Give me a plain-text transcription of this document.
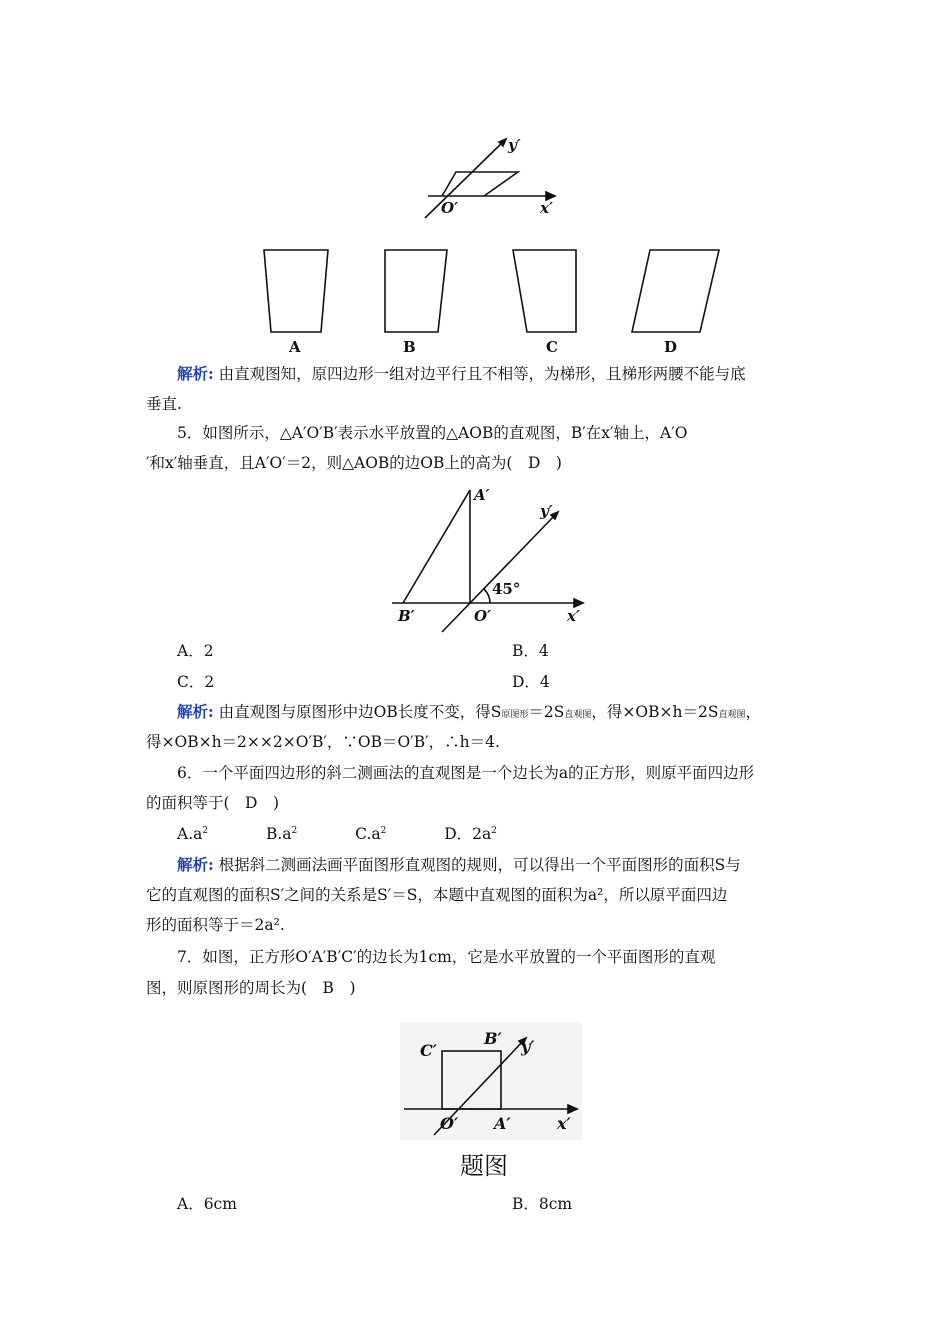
y′
O′	x′
A	B	C	D
A′
y′
45°
B′	O′	x′
C′
B′ y′
O′ A′	x′
题图
解析: 由直观图知，原四边形一组对边平行且不相等，为梯形，且梯形两腰不能与底
垂直.
5．如图所示，△A′O′B′表示水平放置的△AOB的直观图，B′在x′轴上，A′O
′和x′轴垂直，且A′O′＝2，则△AOB的边OB上的高为(　D　)
A．2	B．4
C．2	D．4
解析: 由直观图与原图形中边OB长度不变，得S原图形＝2S直观图，得×OB×h＝2S直观图，
得×OB×h＝2××2×O′B′，∵OB＝O′B′，∴h＝4.
6．一个平面四边形的斜二测画法的直观图是一个边长为a的正方形，则原平面四边形
的面积等于(　D　)
$A.a^2$	$B.a^2$	$C.a^2$	D．$2a^2$
解析: 根据斜二测画法画平面图形直观图的规则，可以得出一个平面图形的面积S与
它的直观图的面积S′之间的关系是S′＝S，本题中直观图的面积为a²，所以原平面四边
形的面积等于＝2a².
7．如图，正方形O′A′B′C′的边长为1cm，它是水平放置的一个平面图形的直观
图，则原图形的周长为(　B　)
A．6cm	B．8cm
